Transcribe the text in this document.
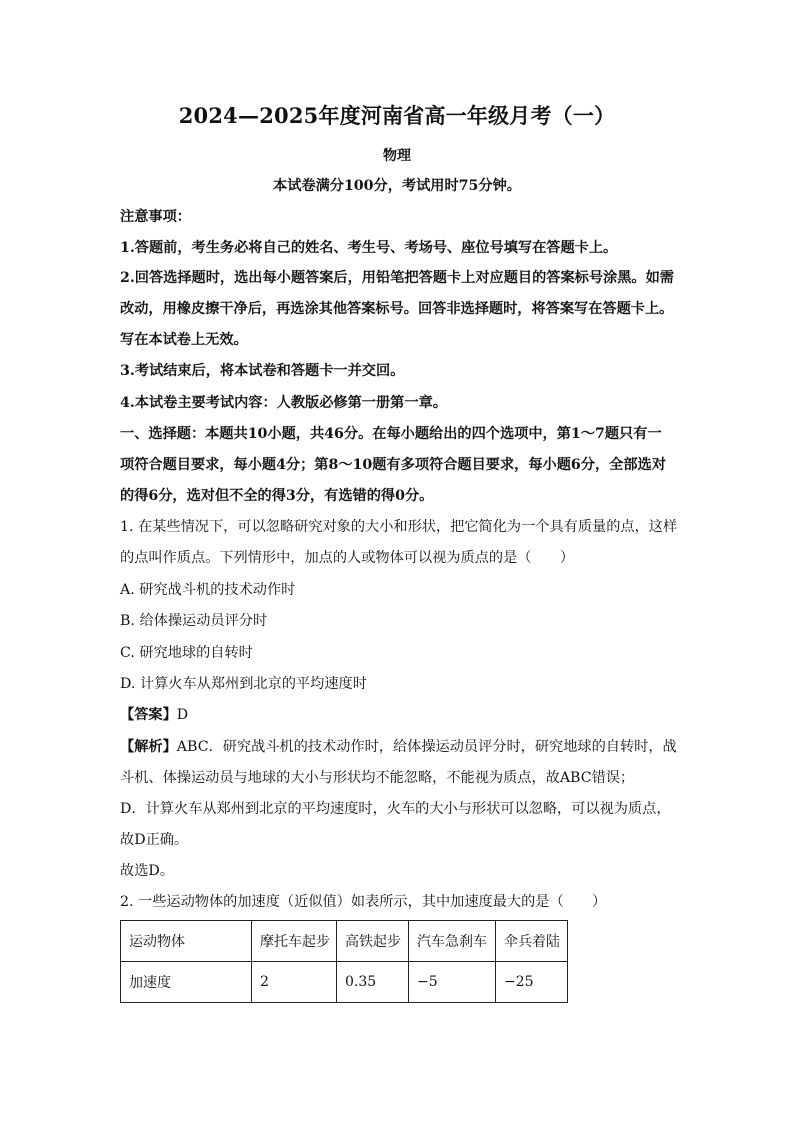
2024—2025年度河南省高一年级月考（一）
物理
本试卷满分100分，考试用时75分钟。
注意事项：
1.答题前，考生务必将自己的姓名、考生号、考场号、座位号填写在答题卡上。
2.回答选择题时，选出每小题答案后，用铅笔把答题卡上对应题目的答案标号涂黑。如需
改动，用橡皮擦干净后，再选涂其他答案标号。回答非选择题时，将答案写在答题卡上。
写在本试卷上无效。
3.考试结束后，将本试卷和答题卡一并交回。
4.本试卷主要考试内容：人教版必修第一册第一章。
一、选择题：本题共10小题，共46分。在每小题给出的四个选项中，第1～7题只有一
项符合题目要求，每小题4分；第8～10题有多项符合题目要求，每小题6分，全部选对
的得6分，选对但不全的得3分，有选错的得0分。
1. 在某些情况下，可以忽略研究对象的大小和形状，把它简化为一个具有质量的点，这样
的点叫作质点。下列情形中，加点的人或物体可以视为质点的是（　　）
A. 研究战斗机的技术动作时
B. 给体操运动员评分时
C. 研究地球的自转时
D. 计算火车从郑州到北京的平均速度时
【答案】D
【解析】ABC．研究战斗机的技术动作时，给体操运动员评分时，研究地球的自转时，战
斗机、体操运动员与地球的大小与形状均不能忽略，不能视为质点，故ABC错误；
D．计算火车从郑州到北京的平均速度时，火车的大小与形状可以忽略，可以视为质点，
故D正确。
故选D。
2. 一些运动物体的加速度（近似值）如表所示，其中加速度最大的是（　　）
运动物体	摩托车起步	高铁起步	汽车急刹车	伞兵着陆
加速度	2	0.35	−5	−25
